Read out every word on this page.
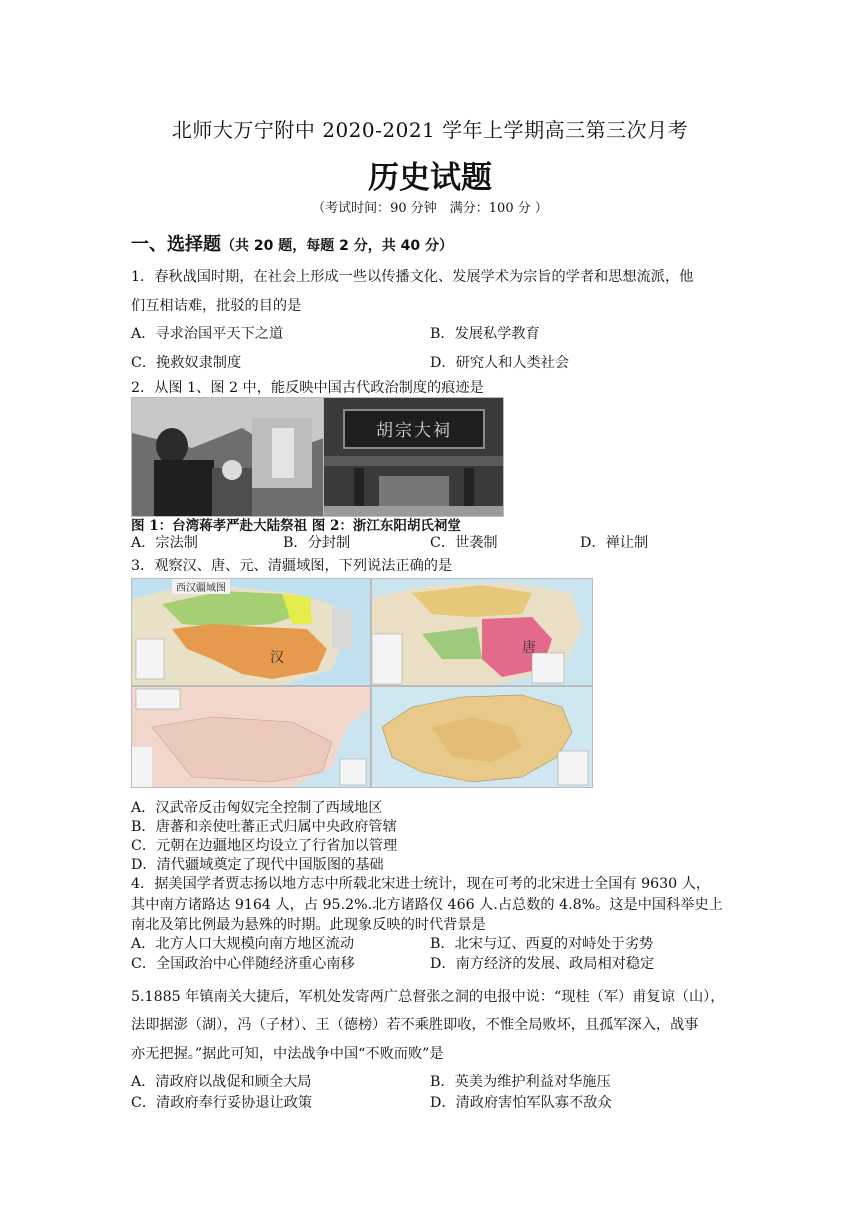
北师大万宁附中 2020-2021 学年上学期高三第三次月考
历史试题
（考试时间：90 分钟　满分：100 分 ）
一、选择题（共 20 题，每题 2 分，共 40 分）
1．春秋战国时期，在社会上形成一些以传播文化、发展学术为宗旨的学者和思想流派，他
们互相诘难，批驳的目的是
A．寻求治国平天下之道	B．发展私学教育
C．挽救奴隶制度	D．研究人和人类社会
2．从图 1、图 2 中，能反映中国古代政治制度的痕迹是
胡宗大祠
图 1：台湾蒋孝严赴大陆祭祖 图 2：浙江东阳胡氏祠堂
A．宗法制	B．分封制	C．世袭制	D．禅让制
3．观察汉、唐、元、清疆域图，下列说法正确的是
西汉疆域图
汉
唐
A．汉武帝反击匈奴完全控制了西域地区
B．唐蕃和亲使吐蕃正式归属中央政府管辖
C．元朝在边疆地区均设立了行省加以管理
D．清代疆域奠定了现代中国版图的基础
4．据美国学者贾志扬以地方志中所载北宋进士统计，现在可考的北宋进士全国有 9630 人，
其中南方诸路达 9164 人，占 95.2%.北方诸路仅 466 人.占总数的 4.8%。这是中国科举史上
南北及第比例最为悬殊的时期。此现象反映的时代背景是
A．北方人口大规模向南方地区流动	B．北宋与辽、西夏的对峙处于劣势
C．全国政治中心伴随经济重心南移	D．南方经济的发展、政局相对稳定
5.1885 年镇南关大捷后，军机处发寄两广总督张之洞的电报中说：“现桂（军）甫复谅（山），
法即据澎（湖），冯（子材）、王（德榜）若不乘胜即收，不惟全局败坏，且孤军深入，战事
亦无把握。”据此可知，中法战争中国“不败而败”是
A．清政府以战促和顾全大局	B．英美为维护利益对华施压
C．清政府奉行妥协退让政策	D．清政府害怕军队寡不敌众
